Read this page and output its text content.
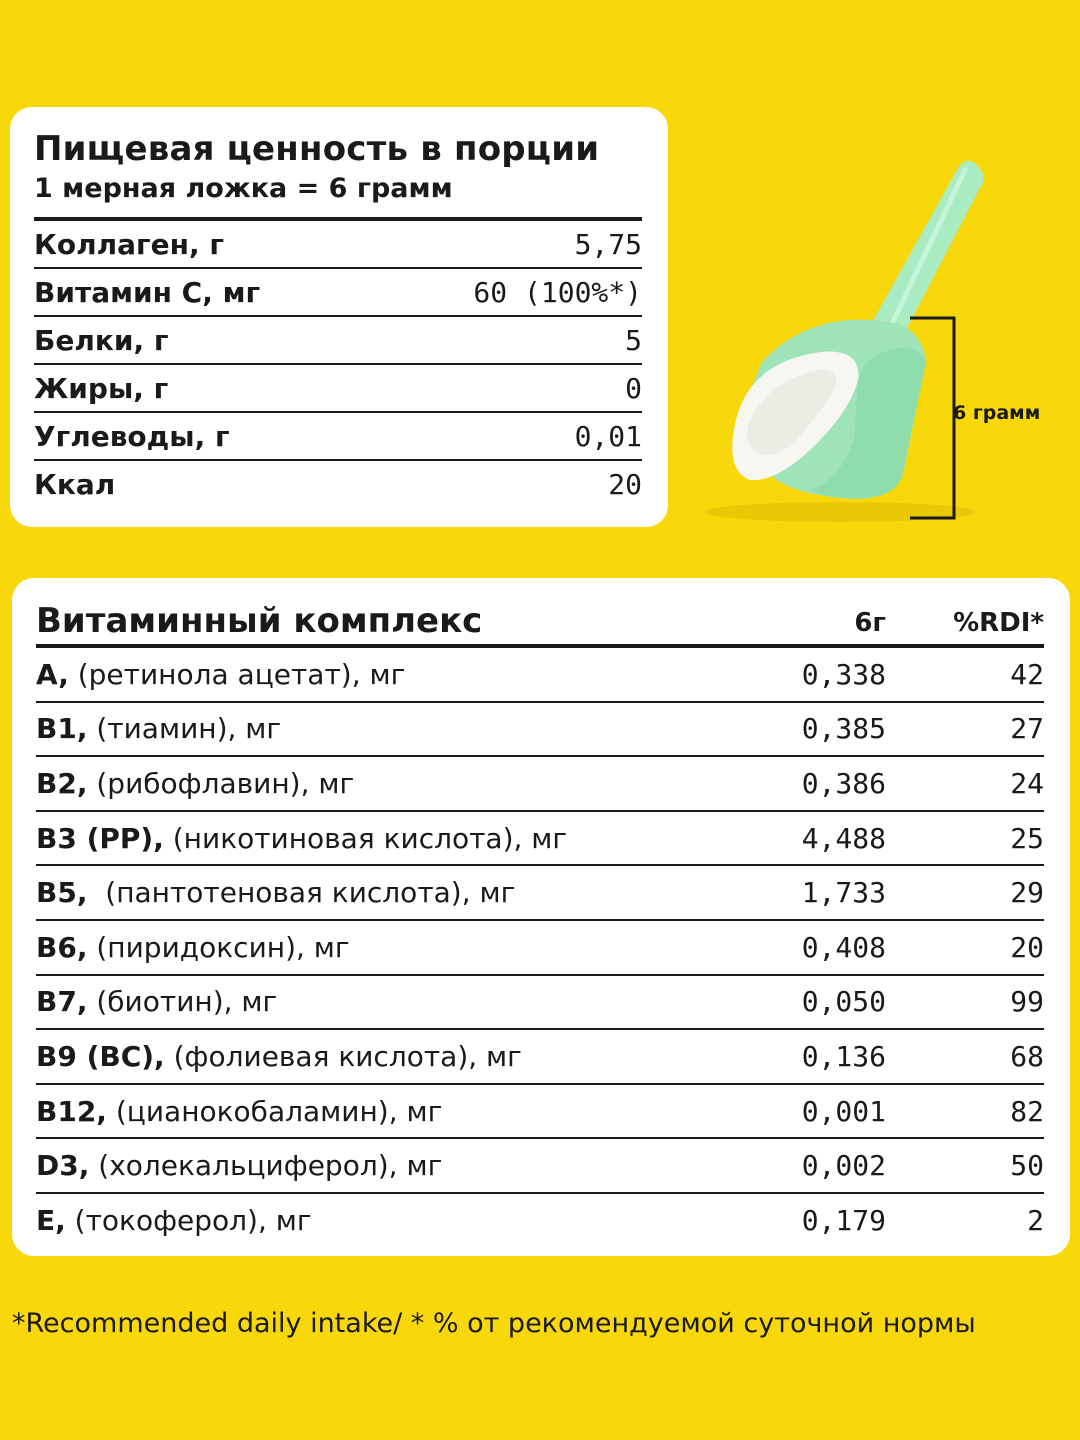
Пищевая ценность в порции
1 мерная ложка = 6 грамм
Коллаген, г	5,75
Витамин С, мг	60 (100%*)
Белки, г	5
Жиры, г	0
Углеводы, г	0,01
Ккал	20
6 грамм
Витаминный комплекс	6г	%RDI*
A, (ретинола ацетат), мг	0,338	42
B1, (тиамин), мг	0,385	27
B2, (рибофлавин), мг	0,386	24
B3 (PP), (никотиновая кислота), мг	4,488	25
B5,  (пантотеновая кислота), мг	1,733	29
B6, (пиридоксин), мг	0,408	20
B7, (биотин), мг	0,050	99
B9 (BC), (фолиевая кислота), мг	0,136	68
B12, (цианокобаламин), мг	0,001	82
D3, (холекальциферол), мг	0,002	50
E, (токоферол), мг	0,179	2
*Recommended daily intake/ * % от рекомендуемой суточной нормы
